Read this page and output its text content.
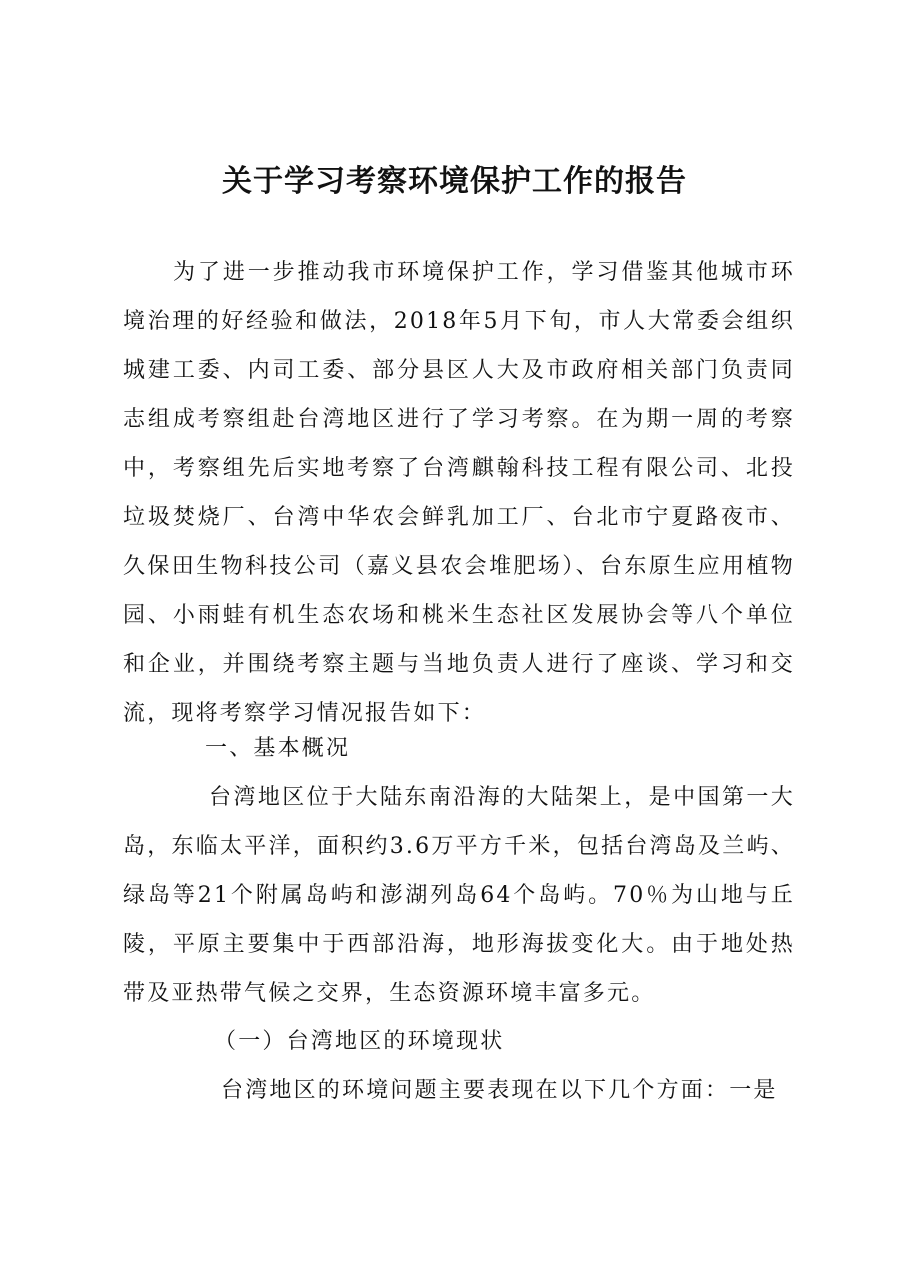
关于学习考察环境保护工作的报告

为了进一步推动我市环境保护工作，学习借鉴其他城市环境治理的好经验和做法，2018年5月下旬，市人大常委会组织城建工委、内司工委、部分县区人大及市政府相关部门负责同志组成考察组赴台湾地区进行了学习考察。在为期一周的考察中，考察组先后实地考察了台湾麒翰科技工程有限公司、北投垃圾焚烧厂、台湾中华农会鲜乳加工厂、台北市宁夏路夜市、久保田生物科技公司（嘉义县农会堆肥场）、台东原生应用植物园、小雨蛙有机生态农场和桃米生态社区发展协会等八个单位和企业，并围绕考察主题与当地负责人进行了座谈、学习和交流，现将考察学习情况报告如下：

一、基本概况

台湾地区位于大陆东南沿海的大陆架上，是中国第一大岛，东临太平洋，面积约3.6万平方千米，包括台湾岛及兰屿、绿岛等21个附属岛屿和澎湖列岛64个岛屿。70％为山地与丘陵，平原主要集中于西部沿海，地形海拔变化大。由于地处热带及亚热带气候之交界，生态资源环境丰富多元。

（一）台湾地区的环境现状

台湾地区的环境问题主要表现在以下几个方面：一是
